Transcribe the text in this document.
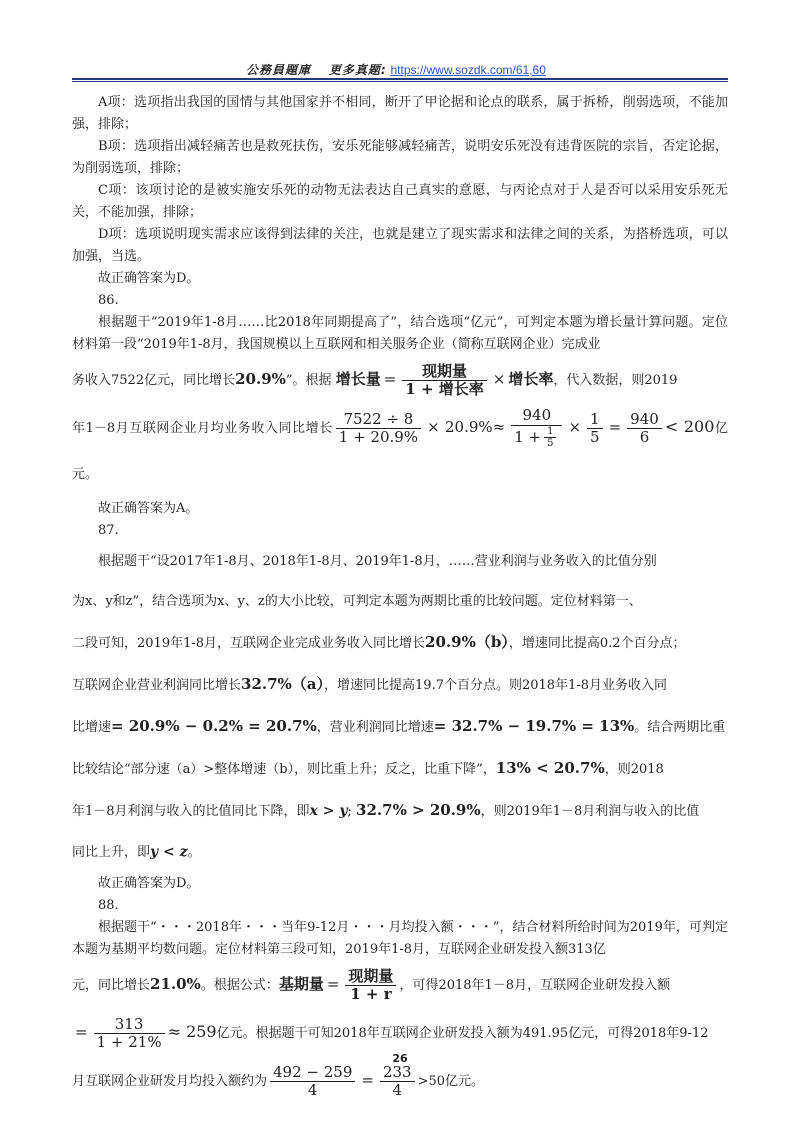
公務員題庫 更多真题: https://www.sozdk.com/61,60

A项：选项指出我国的国情与其他国家并不相同，断开了甲论据和论点的联系，属于拆桥，削弱选项，不能加强，排除；

B项：选项指出减轻痛苦也是救死扶伤，安乐死能够减轻痛苦，说明安乐死没有违背医院的宗旨，否定论据，为削弱选项，排除；

C项：该项讨论的是被实施安乐死的动物无法表达自己真实的意愿，与丙论点对于人是否可以采用安乐死无关，不能加强，排除；

D项：选项说明现实需求应该得到法律的关注，也就是建立了现实需求和法律之间的关系，为搭桥选项，可以加强，当选。

故正确答案为D。

86.

根据题干“2019年1-8月……比2018年同期提高了”，结合选项“亿元”，可判定本题为增长量计算问题。定位材料第一段“2019年1-8月，我国规模以上互联网和相关服务企业（简称互联网企业）完成业

务收入7522亿元，同比增长20.9%”。根据 增长量 = $\frac{\text{现期量}}{\text{1 + 增长率}}$ × 增长率，代入数据，则2019

年1－8月互联网企业月均业务收入同比增长 $\frac{7522 \div 8}{1 + 20.9\%} \times 20.9\%\approx \frac{940}{1 + \frac{1}{5}} \times \frac{1}{5} = \frac{940}{6} < 200$亿元。

故正确答案为A。

87.

根据题干“设2017年1-8月、2018年1-8月、2019年1-8月，……营业利润与业务收入的比值分别

为x、y和z”，结合选项为x、y、z的大小比较，可判定本题为两期比重的比较问题。定位材料第一、

二段可知，2019年1-8月，互联网企业完成业务收入同比增长20.9%（b），增速同比提高0.2个百分点；

互联网企业营业利润同比增长32.7%（a），增速同比提高19.7个百分点。则2018年1-8月业务收入同

比增速= 20.9% − 0.2% = 20.7%，营业利润同比增速= 32.7% − 19.7% = 13%。结合两期比重

比较结论“部分速（a）>整体增速（b），则比重上升；反之，比重下降”，13% < 20.7%，则2018

年1－8月利润与收入的比值同比下降，即x > y; 32.7% > 20.9%，则2019年1－8月利润与收入的比值

同比上升，即y < z。

故正确答案为D。

88.

根据题干“・・・2018年・・・当年9-12月・・・月均投入额・・・”，结合材料所给时间为2019年，可判定本题为基期平均数问题。定位材料第三段可知，2019年1-8月，互联网企业研发投入额313亿

元，同比增长21.0%。根据公式：基期量 = $\frac{\text{现期量}}{1 + r}$ ，可得2018年1－8月，互联网企业研发投入额

= $\frac{313}{1 + 21\%} \approx 259$亿元。根据题干可知2018年互联网企业研发投入额为491.95亿元，可得2018年9-12

月互联网企业研发月均投入额约为 $\frac{492 - 259}{4} = \frac{233}{4} >50$亿元。

26
